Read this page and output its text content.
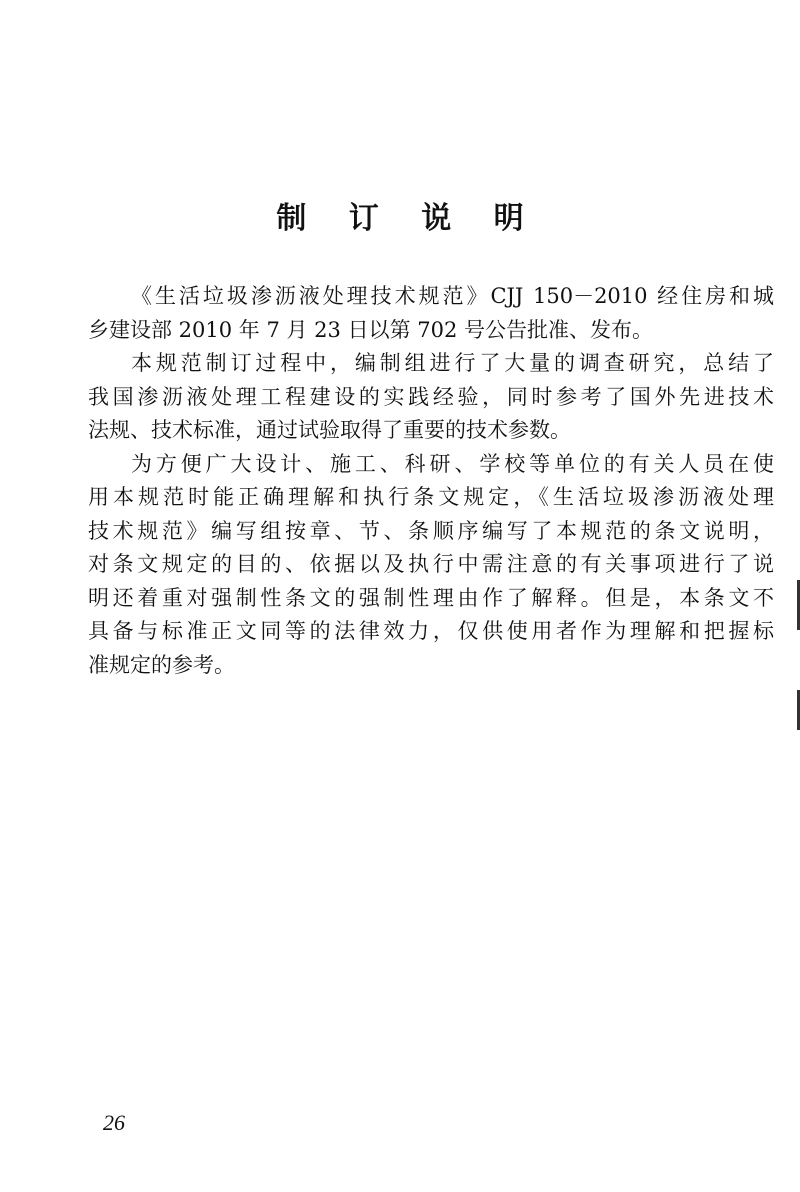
制 订 说 明
《生活垃圾渗沥液处理技术规范》CJJ 150－2010 经住房和城
乡建设部 2010 年 7 月 23 日以第 702 号公告批准、发布。
本规范制订过程中，编制组进行了大量的调查研究，总结了
我国渗沥液处理工程建设的实践经验，同时参考了国外先进技术
法规、技术标准，通过试验取得了重要的技术参数。
为方便广大设计、施工、科研、学校等单位的有关人员在使
用本规范时能正确理解和执行条文规定，《生活垃圾渗沥液处理
技术规范》编写组按章、节、条顺序编写了本规范的条文说明，
对条文规定的目的、依据以及执行中需注意的有关事项进行了说
明还着重对强制性条文的强制性理由作了解释。但是，本条文不
具备与标准正文同等的法律效力，仅供使用者作为理解和把握标
准规定的参考。
26
